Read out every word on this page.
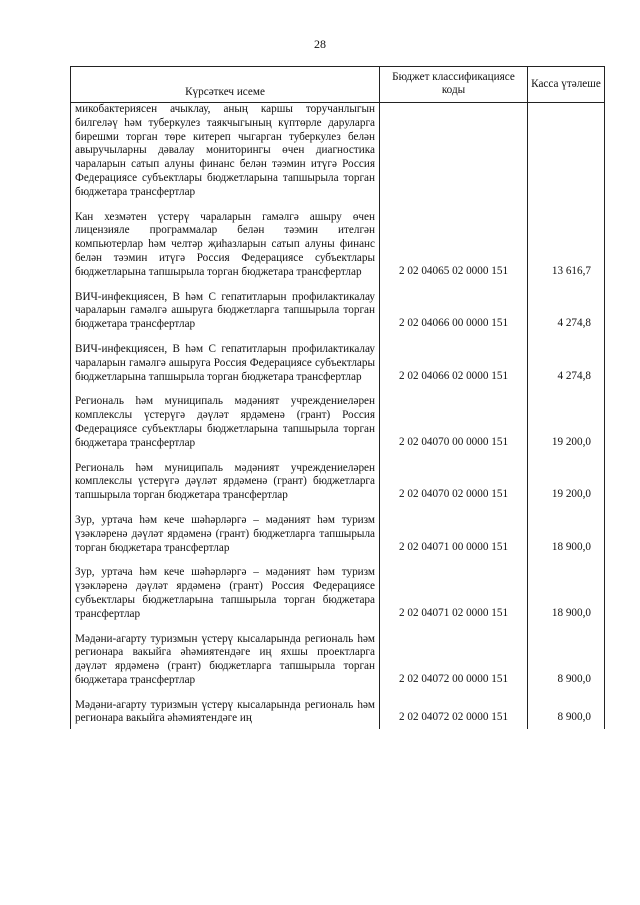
28
Күрсәткеч исеме	Бюджет классификациясе коды	Касса үтәлеше
микобактериясен ачыклау, аның каршы торучанлыгын билгеләү һәм туберкулез таякчыгының күптөрле даруларга бирешми торган төре китереп чыгарган туберкулез белән авыручыларны дәвалау мониторингы өчен диагностика чараларын сатып алуны финанс белән тәэмин итүгә Россия Федерациясе субъектлары бюджетларына тапшырыла торган бюджетара трансфертлар		
Кан хезмәтен үстерү чараларын гамәлгә ашыру өчен лицензияле программалар белән тәэмин ителгән компьютерлар һәм челтәр җиһазларын сатып алуны финанс белән тәэмин итүгә Россия Федерациясе субъектлары бюджетларына тапшырыла торган бюджетара трансфертлар	2 02 04065 02 0000 151	13 616,7
ВИЧ-инфекциясен, В һәм С гепатитларын профилактикалау чараларын гамәлгә ашыруга бюджетларга тапшырыла торган бюджетара трансфертлар	2 02 04066 00 0000 151	4 274,8
ВИЧ-инфекциясен, В һәм С гепатитларын профилактикалау чараларын гамәлгә ашыруга Россия Федерациясе субъектлары бюджетларына тапшырыла торган бюджетара трансфертлар	2 02 04066 02 0000 151	4 274,8
Региональ һәм муниципаль мәдәният учреждениеләрен комплекслы үстерүгә дәүләт ярдәменә (грант) Россия Федерациясе субъектлары бюджетларына тапшырыла торган бюджетара трансфертлар	2 02 04070 00 0000 151	19 200,0
Региональ һәм муниципаль мәдәният учреждениеләрен комплекслы үстерүгә дәүләт ярдәменә (грант) бюджетларга тапшырыла торган бюджетара трансфертлар	2 02 04070 02 0000 151	19 200,0
Зур, уртача һәм кече шәһәрләргә – мәдәният һәм туризм үзәкләренә дәүләт ярдәменә (грант) бюджетларга тапшырыла торган бюджетара трансфертлар	2 02 04071 00 0000 151	18 900,0
Зур, уртача һәм кече шәһәрләргә – мәдәният һәм туризм үзәкләренә дәүләт ярдәменә (грант) Россия Федерациясе субъектлары бюджетларына тапшырыла торган бюджетара трансфертлар	2 02 04071 02 0000 151	18 900,0
Мәдәни-агарту туризмын үстерү кысаларында региональ һәм регионара вакыйга әһәмиятендәге иң яхшы проектларга дәүләт ярдәменә (грант) бюджетларга тапшырыла торган бюджетара трансфертлар	2 02 04072 00 0000 151	8 900,0
Мәдәни-агарту туризмын үстерү кысаларында региональ һәм регионара вакыйга әһәмиятендәге иң	2 02 04072 02 0000 151	8 900,0
